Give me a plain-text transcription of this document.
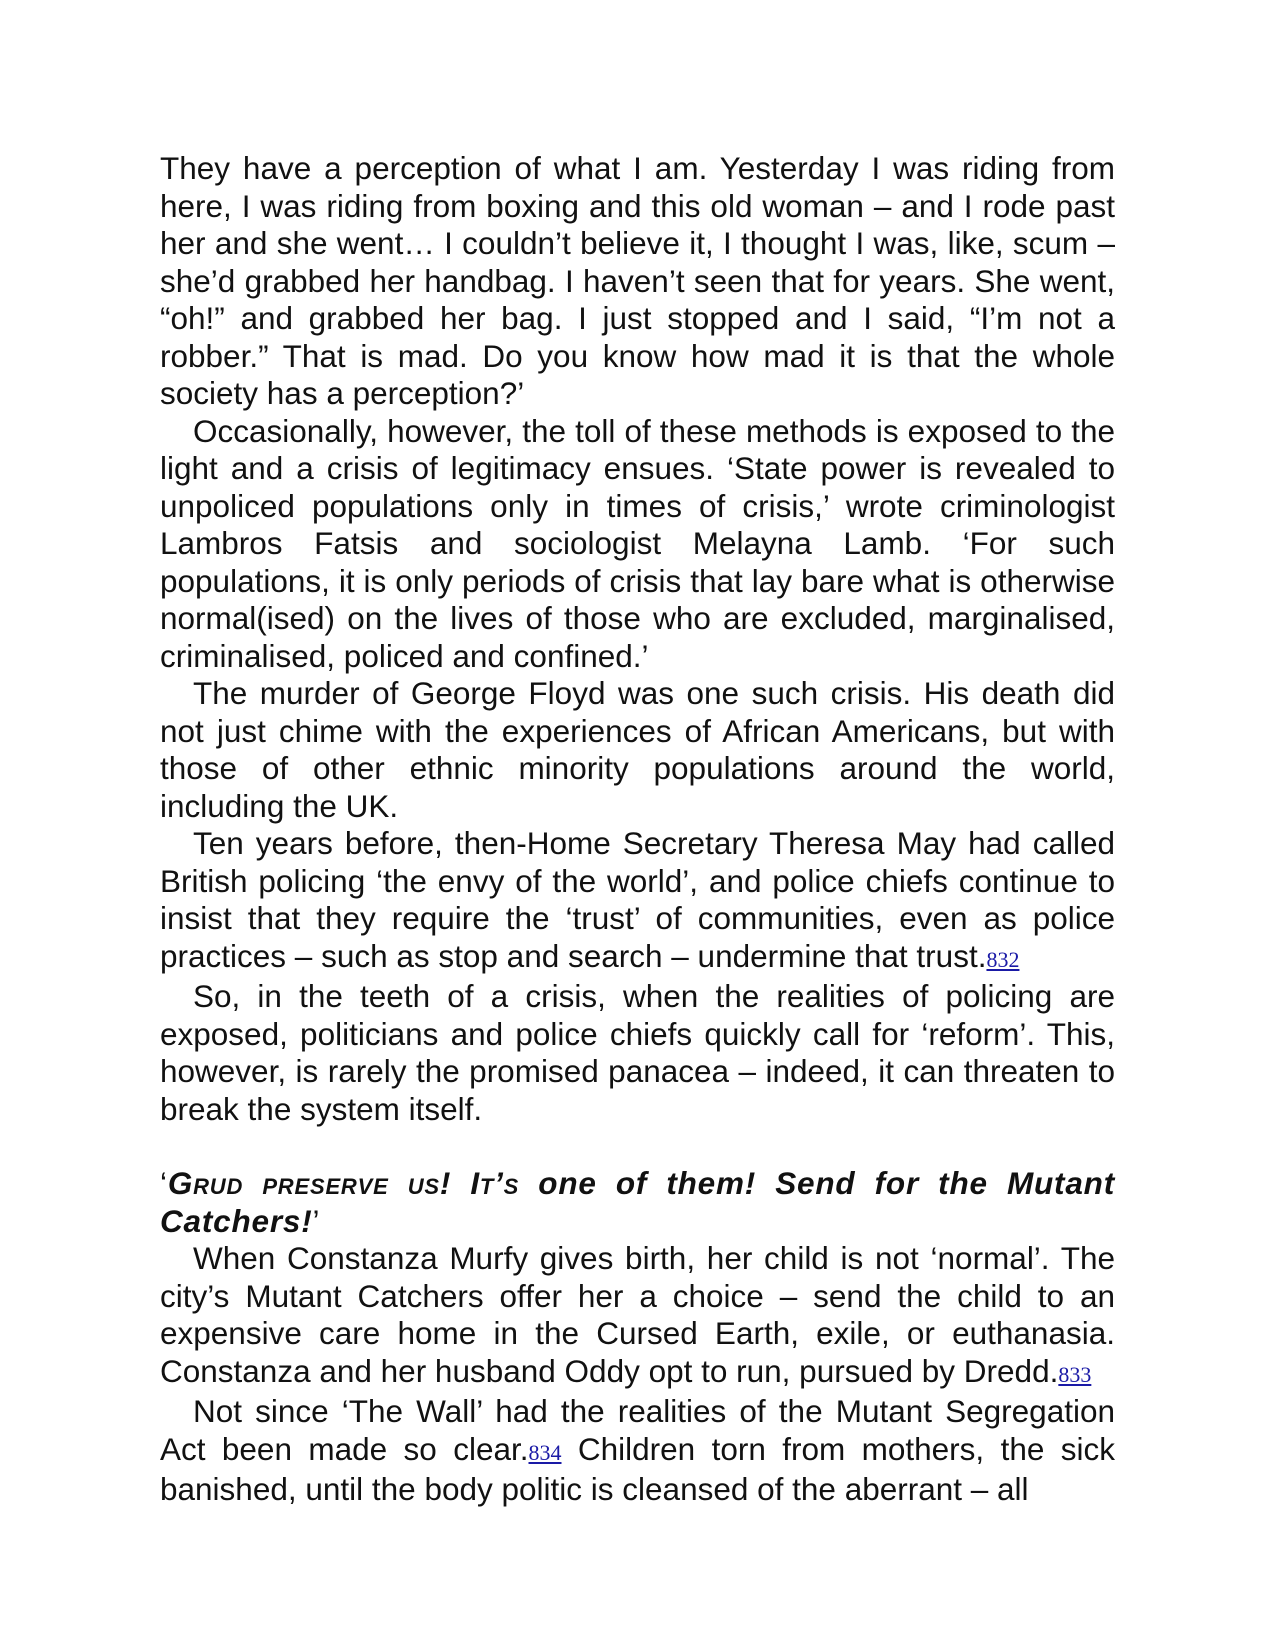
They have a perception of what I am. Yesterday I was riding from here, I was riding from boxing and this old woman – and I rode past her and she went… I couldn’t believe it, I thought I was, like, scum – she’d grabbed her handbag. I haven’t seen that for years. She went, “oh!” and grabbed her bag. I just stopped and I said, “I’m not a robber.” That is mad. Do you know how mad it is that the whole society has a perception?’

Occasionally, however, the toll of these methods is exposed to the light and a crisis of legitimacy ensues. ‘State power is revealed to unpoliced populations only in times of crisis,’ wrote criminologist Lambros Fatsis and sociologist Melayna Lamb. ‘For such populations, it is only periods of crisis that lay bare what is otherwise normal(ised) on the lives of those who are excluded, marginalised, criminalised, policed and confined.’

The murder of George Floyd was one such crisis. His death did not just chime with the experiences of African Americans, but with those of other ethnic minority populations around the world, including the UK.

Ten years before, then-Home Secretary Theresa May had called British policing ‘the envy of the world’, and police chiefs continue to insist that they require the ‘trust’ of communities, even as police practices – such as stop and search – undermine that trust.832

So, in the teeth of a crisis, when the realities of policing are exposed, politicians and police chiefs quickly call for ‘reform’. This, however, is rarely the promised panacea – indeed, it can threaten to break the system itself.

‘Grud preserve us! It’s one of them! Send for the Mutant Catchers!’

When Constanza Murfy gives birth, her child is not ‘normal’. The city’s Mutant Catchers offer her a choice – send the child to an expensive care home in the Cursed Earth, exile, or euthanasia. Constanza and her husband Oddy opt to run, pursued by Dredd.833

Not since ‘The Wall’ had the realities of the Mutant Segregation Act been made so clear.834 Children torn from mothers, the sick banished, until the body politic is cleansed of the aberrant – all
